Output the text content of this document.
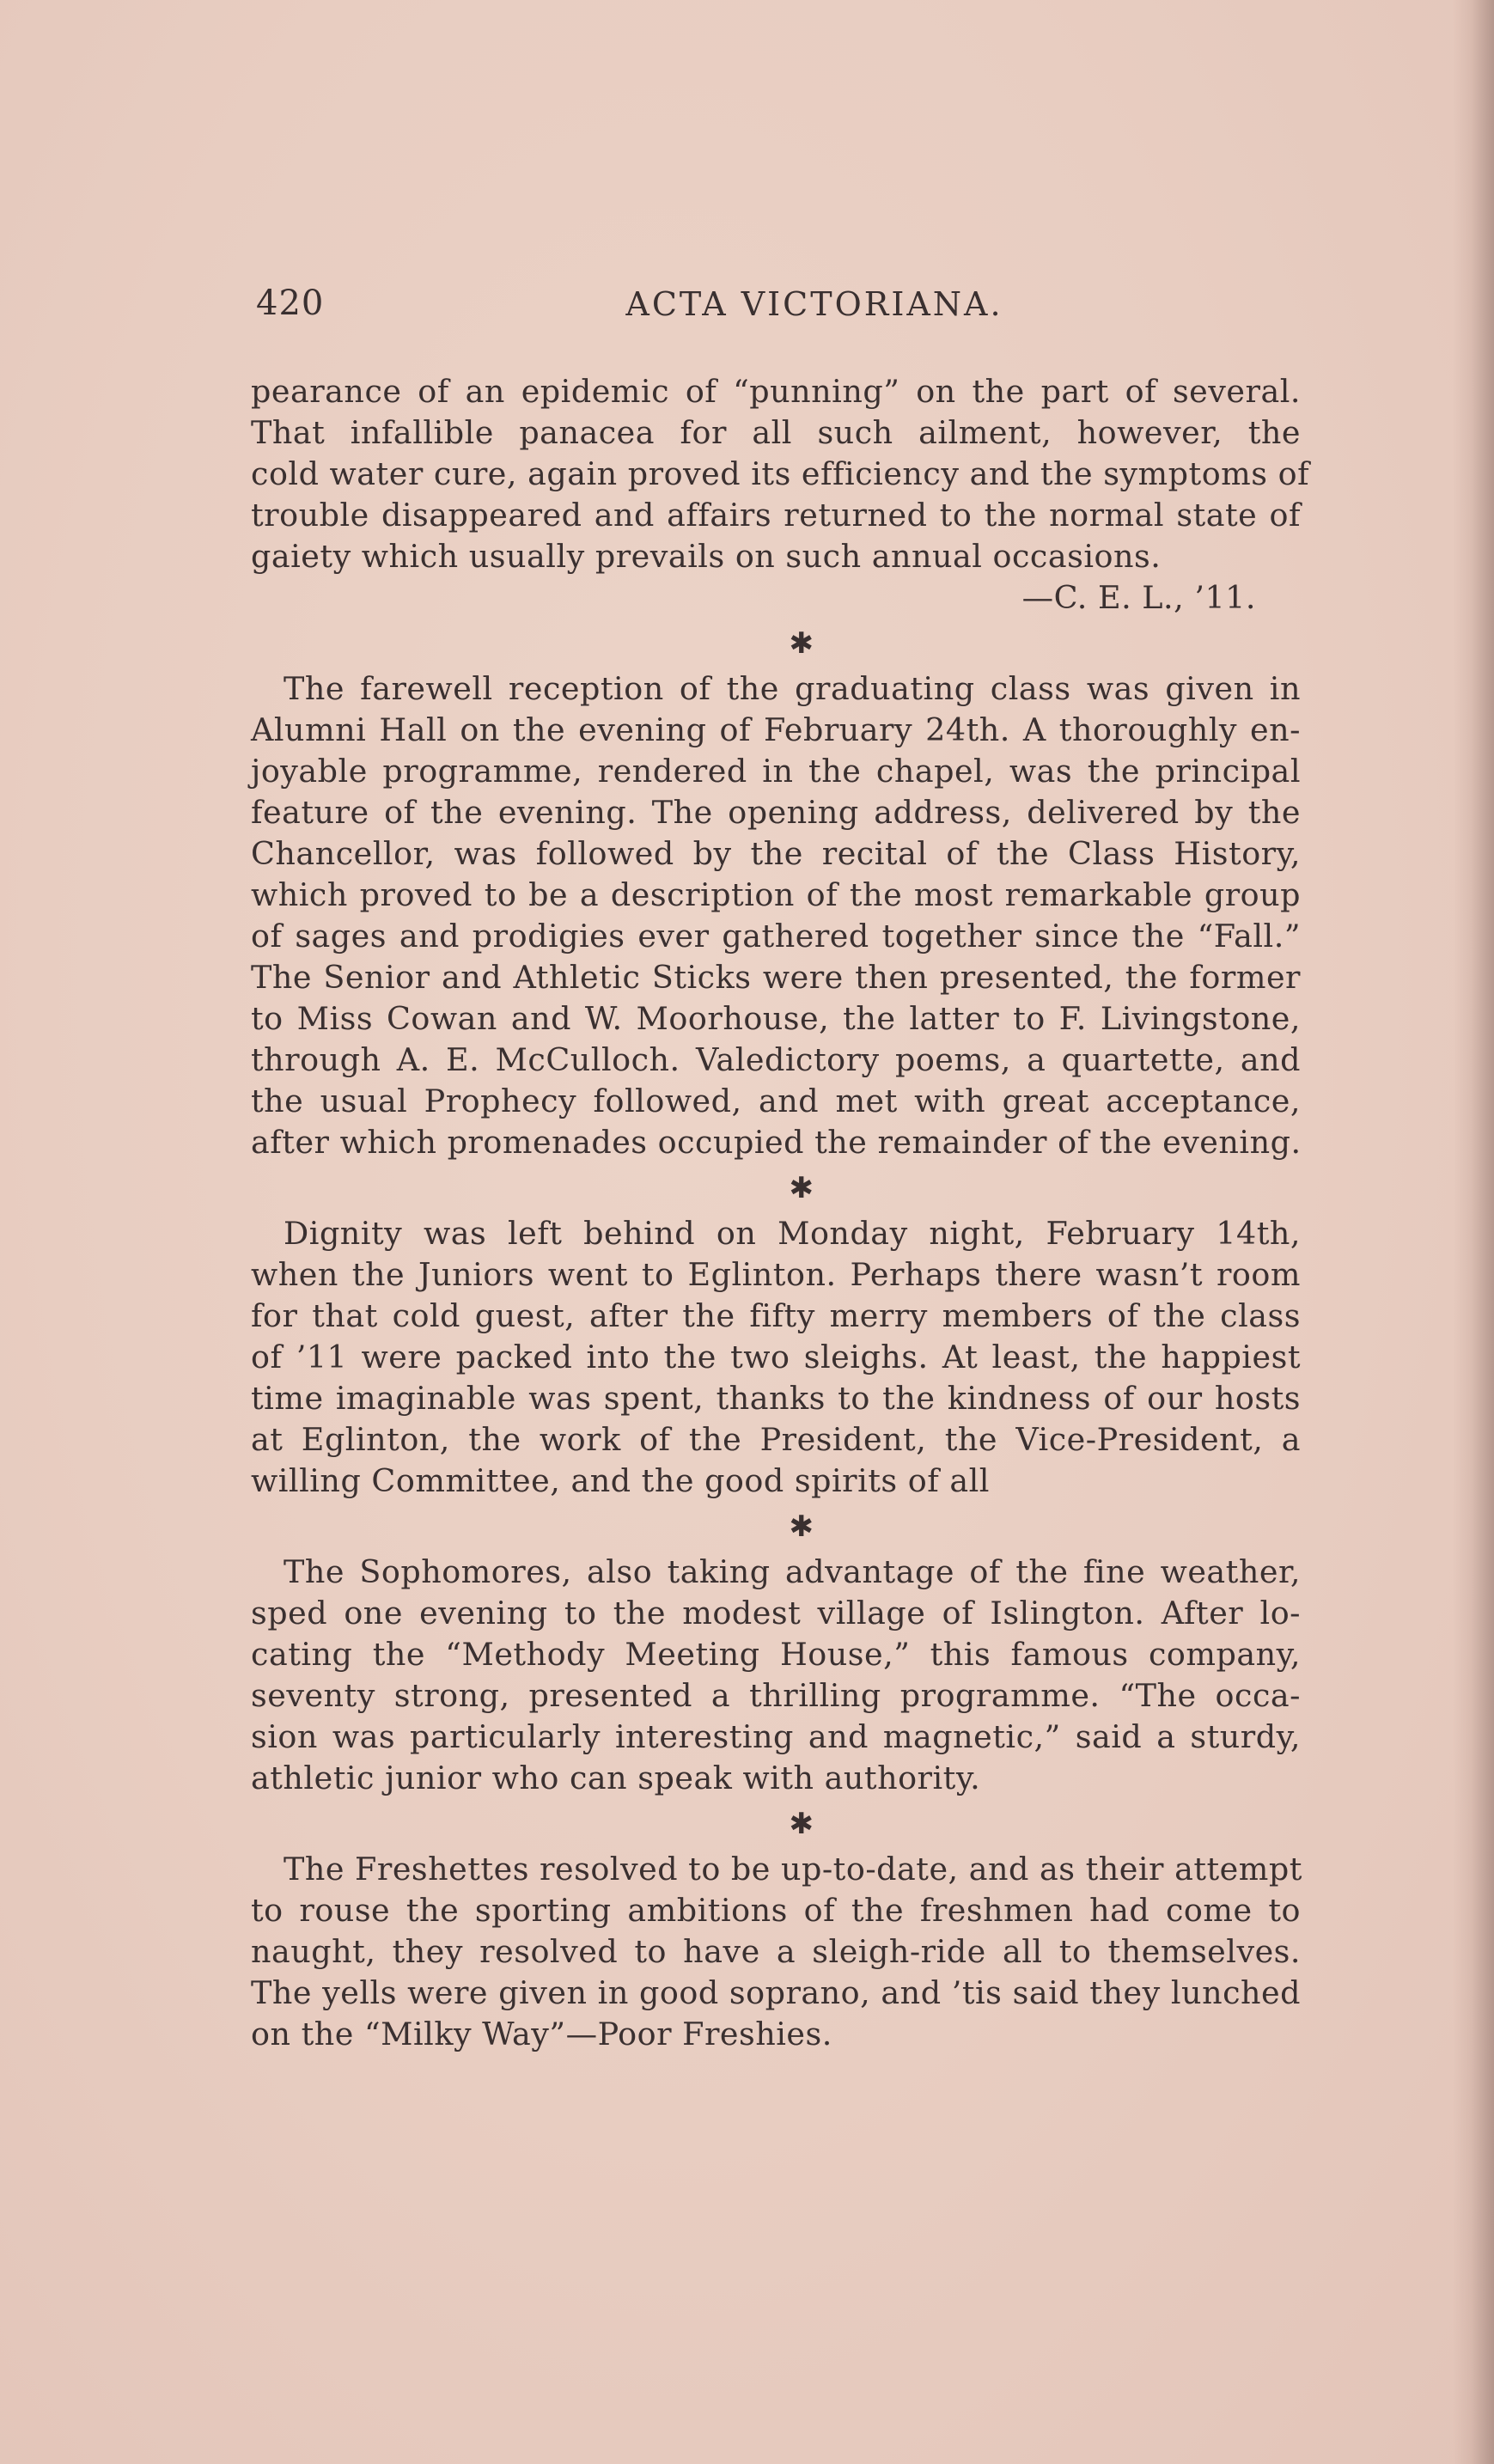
420	ACTA VICTORIANA.
pearance of an epidemic of “punning” on the part of several.
That infallible panacea for all such ailment, however, the
cold water cure, again proved its efficiency and the symptoms of
trouble disappeared and affairs returned to the normal state of
gaiety which usually prevails on such annual occasions.

—C. E. L., ’11.

✱

The farewell reception of the graduating class was given in
Alumni Hall on the evening of February 24th. A thoroughly en-
joyable programme, rendered in the chapel, was the principal
feature of the evening. The opening address, delivered by the
Chancellor, was followed by the recital of the Class History,
which proved to be a description of the most remarkable group
of sages and prodigies ever gathered together since the “Fall.”
The Senior and Athletic Sticks were then presented, the former
to Miss Cowan and W. Moorhouse, the latter to F. Livingstone,
through A. E. McCulloch. Valedictory poems, a quartette, and
the usual Prophecy followed, and met with great acceptance,
after which promenades occupied the remainder of the evening.

✱

Dignity was left behind on Monday night, February 14th,
when the Juniors went to Eglinton. Perhaps there wasn’t room
for that cold guest, after the fifty merry members of the class
of ’11 were packed into the two sleighs. At least, the happiest
time imaginable was spent, thanks to the kindness of our hosts
at Eglinton, the work of the President, the Vice-President, a
willing Committee, and the good spirits of all

✱

The Sophomores, also taking advantage of the fine weather,
sped one evening to the modest village of Islington. After lo-
cating the “Methody Meeting House,” this famous company,
seventy strong, presented a thrilling programme. “The occa-
sion was particularly interesting and magnetic,” said a sturdy,
athletic junior who can speak with authority.

✱

The Freshettes resolved to be up-to-date, and as their attempt
to rouse the sporting ambitions of the freshmen had come to
naught, they resolved to have a sleigh-ride all to themselves.
The yells were given in good soprano, and ’tis said they lunched
on the “Milky Way”—Poor Freshies.
